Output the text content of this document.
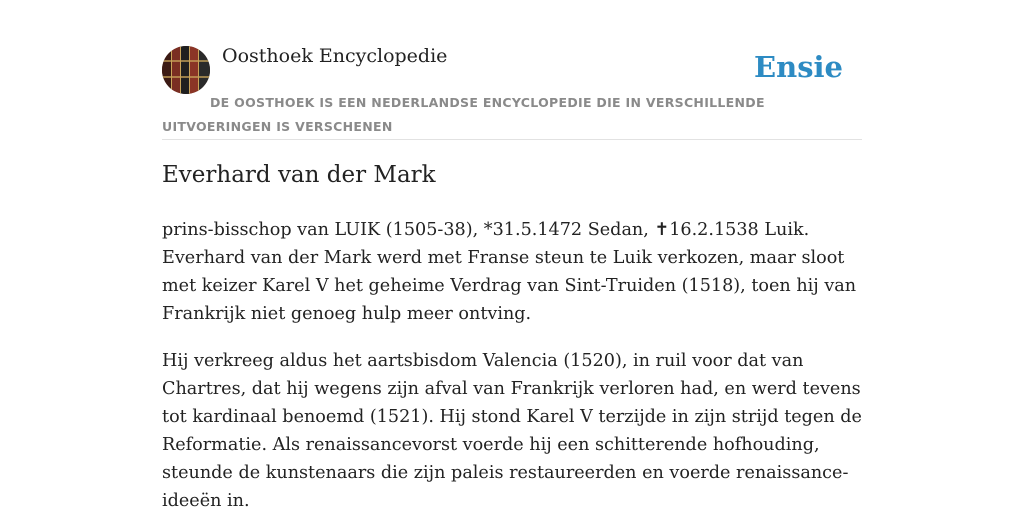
Oosthoek Encyclopedie	Ensie
DE OOSTHOEK IS EEN NEDERLANDSE ENCYCLOPEDIE DIE IN VERSCHILLENDE UITVOERINGEN IS VERSCHENEN
Everhard van der Mark

prins-bisschop van LUIK (1505-38), *31.5.1472 Sedan, ✝16.2.1538 Luik. Everhard van der Mark werd met Franse steun te Luik verkozen, maar sloot met keizer Karel V het geheime Verdrag van Sint-Truiden (1518), toen hij van Frankrijk niet genoeg hulp meer ontving.

Hij verkreeg aldus het aartsbisdom Valencia (1520), in ruil voor dat van Chartres, dat hij wegens zijn afval van Frankrijk verloren had, en werd tevens tot kardinaal benoemd (1521). Hij stond Karel V terzijde in zijn strijd tegen de Reformatie. Als renaissancevorst voerde hij een schitterende hofhouding, steunde de kunstenaars die zijn paleis restaureerden en voerde renaissance-ideeën in.
